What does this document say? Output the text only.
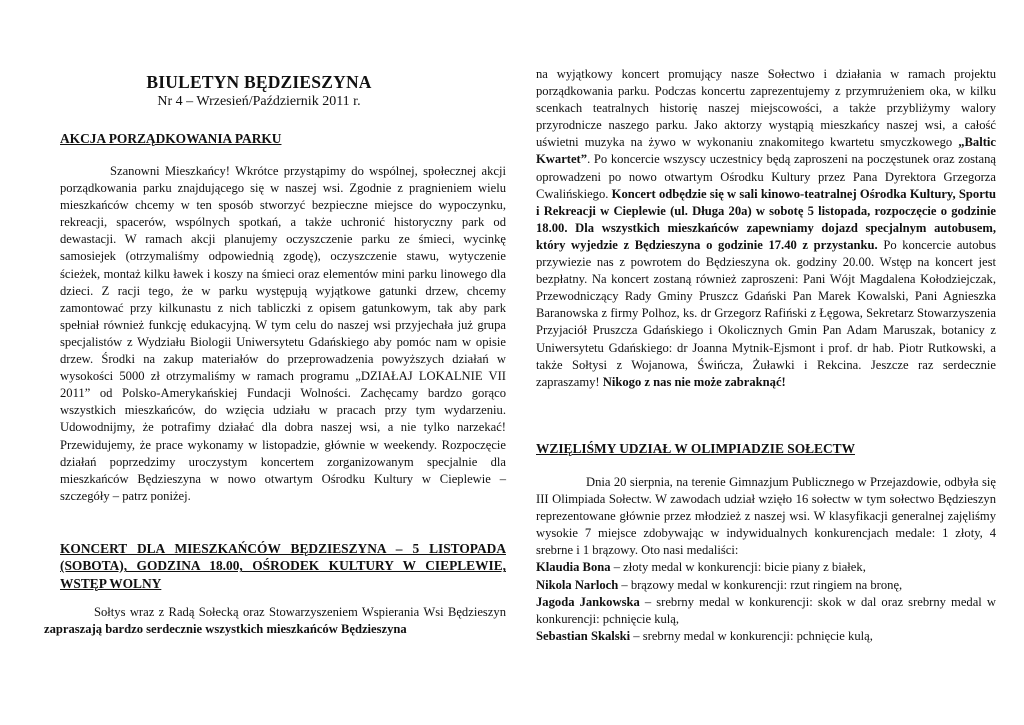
BIULETYN BĘDZIESZYNA
Nr 4 – Wrzesień/Październik 2011 r.
AKCJA PORZĄDKOWANIA PARKU

Szanowni Mieszkańcy! Wkrótce przystąpimy do wspólnej, społecznej akcji porządkowania parku znajdującego się w naszej wsi. Zgodnie z pragnieniem wielu mieszkańców chcemy w ten sposób stworzyć bezpieczne miejsce do wypoczynku, rekreacji, spacerów, wspólnych spotkań, a także uchronić historyczny park od dewastacji. W ramach akcji planujemy oczyszczenie parku ze śmieci, wycinkę samosiejek (otrzymaliśmy odpowiednią zgodę), oczyszczenie stawu, wytyczenie ścieżek, montaż kilku ławek i koszy na śmieci oraz elementów mini parku linowego dla dzieci. Z racji tego, że w parku występują wyjątkowe gatunki drzew, chcemy zamontować przy kilkunastu z nich tabliczki z opisem gatunkowym, tak aby park spełniał również funkcję edukacyjną. W tym celu do naszej wsi przyjechała już grupa specjalistów z Wydziału Biologii Uniwersytetu Gdańskiego aby pomóc nam w opisie drzew. Środki na zakup materiałów do przeprowadzenia powyższych działań w wysokości 5000 zł otrzymaliśmy w ramach programu „DZIAŁAJ LOKALNIE VII 2011” od Polsko-Amerykańskiej Fundacji Wolności. Zachęcamy bardzo gorąco wszystkich mieszkańców, do wzięcia udziału w pracach przy tym wydarzeniu. Udowodnijmy, że potrafimy działać dla dobra naszej wsi, a nie tylko narzekać! Przewidujemy, że prace wykonamy w listopadzie, głównie w weekendy. Rozpoczęcie działań poprzedzimy uroczystym koncertem zorganizowanym specjalnie dla mieszkańców Będzieszyna w nowo otwartym Ośrodku Kultury w Cieplewie – szczegóły – patrz poniżej.

KONCERT DLA MIESZKAŃCÓW BĘDZIESZYNA – 5 LISTOPADA (SOBOTA), GODZINA 18.00, OŚRODEK KULTURY W CIEPLEWIE, WSTĘP WOLNY

Sołtys wraz z Radą Sołecką oraz Stowarzyszeniem Wspierania Wsi Będzieszyn zapraszają bardzo serdecznie wszystkich mieszkańców Będzieszyna

na wyjątkowy koncert promujący nasze Sołectwo i działania w ramach projektu porządkowania parku. Podczas koncertu zaprezentujemy z przymrużeniem oka, w kilku scenkach teatralnych historię naszej miejscowości, a także przybliżymy walory przyrodnicze naszego parku. Jako aktorzy wystąpią mieszkańcy naszej wsi, a całość uświetni muzyka na żywo w wykonaniu znakomitego kwartetu smyczkowego „Baltic Kwartet”. Po koncercie wszyscy uczestnicy będą zaproszeni na poczęstunek oraz zostaną oprowadzeni po nowo otwartym Ośrodku Kultury przez Pana Dyrektora Grzegorza Cwalińskiego. Koncert odbędzie się w sali kinowo-teatralnej Ośrodka Kultury, Sportu i Rekreacji w Cieplewie (ul. Długa 20a) w sobotę 5 listopada, rozpoczęcie o godzinie 18.00. Dla wszystkich mieszkańców zapewniamy dojazd specjalnym autobusem, który wyjedzie z Będzieszyna o godzinie 17.40 z przystanku. Po koncercie autobus przywiezie nas z powrotem do Będzieszyna ok. godziny 20.00. Wstęp na koncert jest bezpłatny. Na koncert zostaną również zaproszeni: Pani Wójt Magdalena Kołodziejczak, Przewodniczący Rady Gminy Pruszcz Gdański Pan Marek Kowalski, Pani Agnieszka Baranowska z firmy Polhoz, ks. dr Grzegorz Rafiński z Łęgowa, Sekretarz Stowarzyszenia Przyjaciół Pruszcza Gdańskiego i Okolicznych Gmin Pan Adam Maruszak, botanicy z Uniwersytetu Gdańskiego: dr Joanna Mytnik-Ejsmont i prof. dr hab. Piotr Rutkowski, a także Sołtysi z Wojanowa, Świńcza, Żuławki i Rekcina. Jeszcze raz serdecznie zapraszamy! Nikogo z nas nie może zabraknąć!

WZIĘLIŚMY UDZIAŁ W OLIMPIADZIE SOŁECTW

Dnia 20 sierpnia, na terenie Gimnazjum Publicznego w Przejazdowie, odbyła się III Olimpiada Sołectw. W zawodach udział wzięło 16 sołectw w tym sołectwo Będzieszyn reprezentowane głównie przez młodzież z naszej wsi. W klasyfikacji generalnej zajęliśmy wysokie 7 miejsce zdobywając w indywidualnych konkurencjach medale: 1 złoty, 4 srebrne i 1 brązowy. Oto nasi medaliści:

Klaudia Bona – złoty medal w konkurencji: bicie piany z białek,
Nikola Narloch – brązowy medal w konkurencji: rzut ringiem na bronę,
Jagoda Jankowska – srebrny medal w konkurencji: skok w dal oraz srebrny medal w konkurencji: pchnięcie kulą,
Sebastian Skalski – srebrny medal w konkurencji: pchnięcie kulą,
